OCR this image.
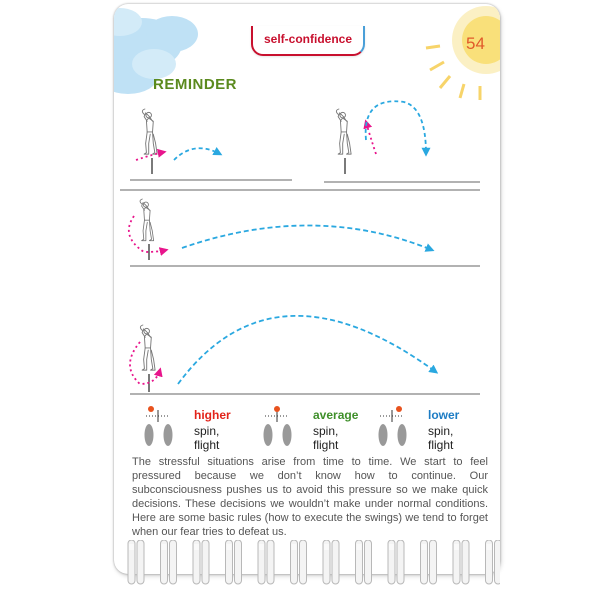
self-confidence	54
REMINDER
higher
spin, flight
average
spin, flight
lower
spin, flight

The stressful situations arise from time to time. We start to feel pressured because we don’t know how to continue. Our subconsciousness pushes us to avoid this pressure so we make quick decisions. These decisions we wouldn’t make under normal conditions. Here are some basic rules (how to execute the swings) we tend to forget when our fear tries to defeat us.
